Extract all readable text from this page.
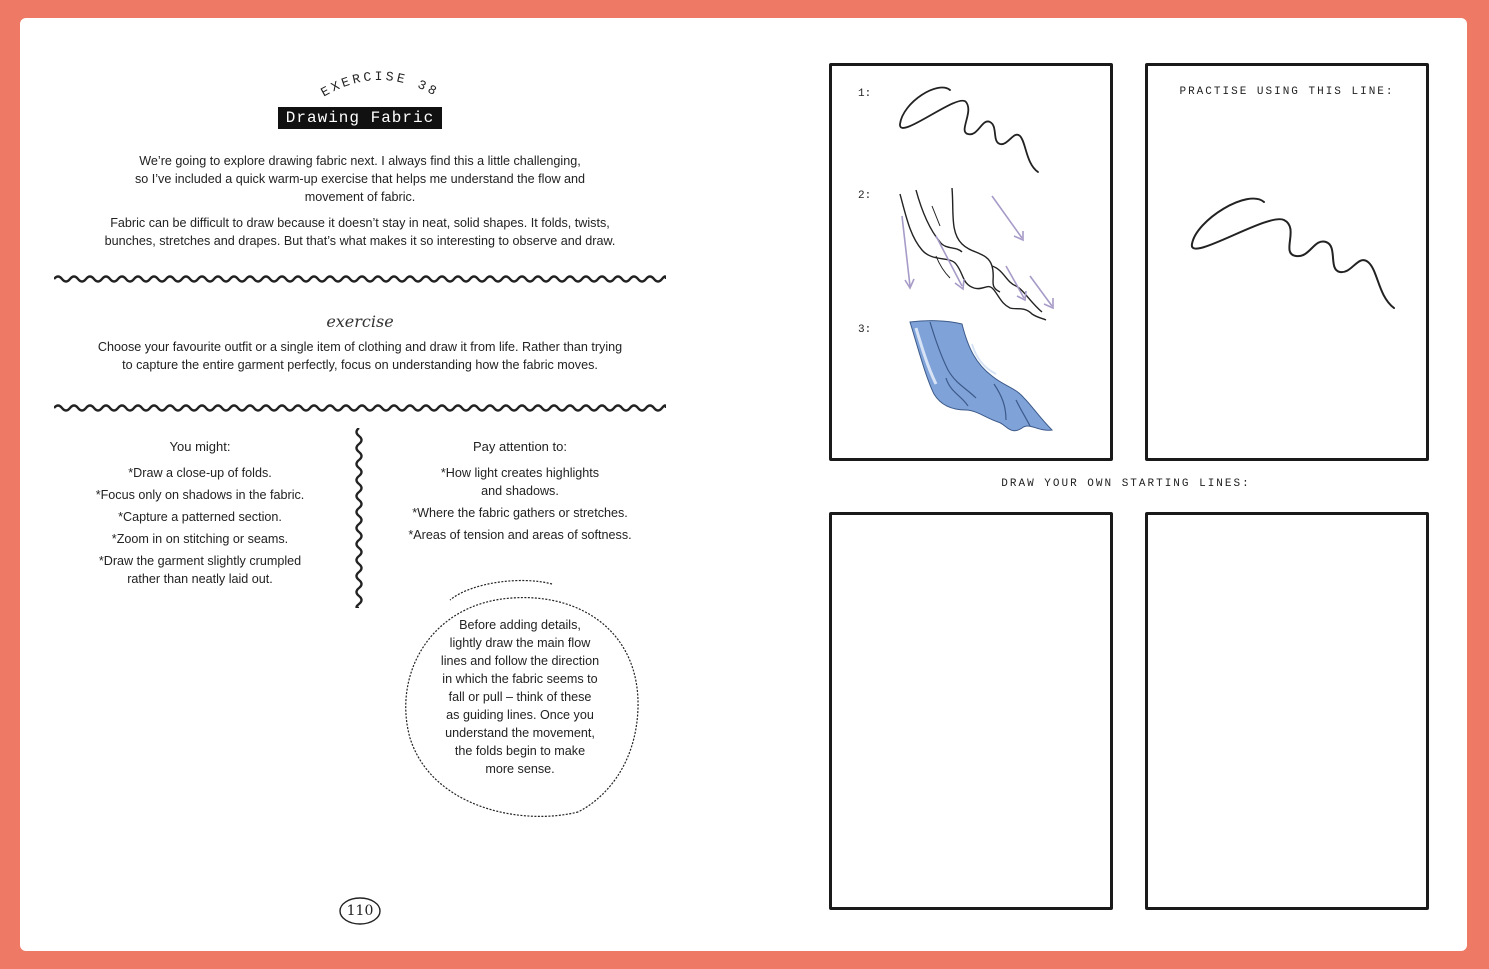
EXERCISE 38
Drawing Fabric
We’re going to explore drawing fabric next. I always find this a little challenging,
so I’ve included a quick warm-up exercise that helps me understand the flow and
movement of fabric.
Fabric can be difficult to draw because it doesn’t stay in neat, solid shapes. It folds, twists,
bunches, stretches and drapes. But that’s what makes it so interesting to observe and draw.
exercise
Choose your favourite outfit or a single item of clothing and draw it from life. Rather than trying
to capture the entire garment perfectly, focus on understanding how the fabric moves.
You might:
*Draw a close-up of folds.
*Focus only on shadows in the fabric.
*Capture a patterned section.
*Zoom in on stitching or seams.
*Draw the garment slightly crumpled
rather than neatly laid out.
Pay attention to:
*How light creates highlights
and shadows.
*Where the fabric gathers or stretches.
*Areas of tension and areas of softness.
Before adding details,
lightly draw the main flow
lines and follow the direction
in which the fabric seems to
fall or pull – think of these
as guiding lines. Once you
understand the movement,
the folds begin to make
more sense.
110
1:
2:
3:
PRACTISE USING THIS LINE:
DRAW YOUR OWN STARTING LINES:
